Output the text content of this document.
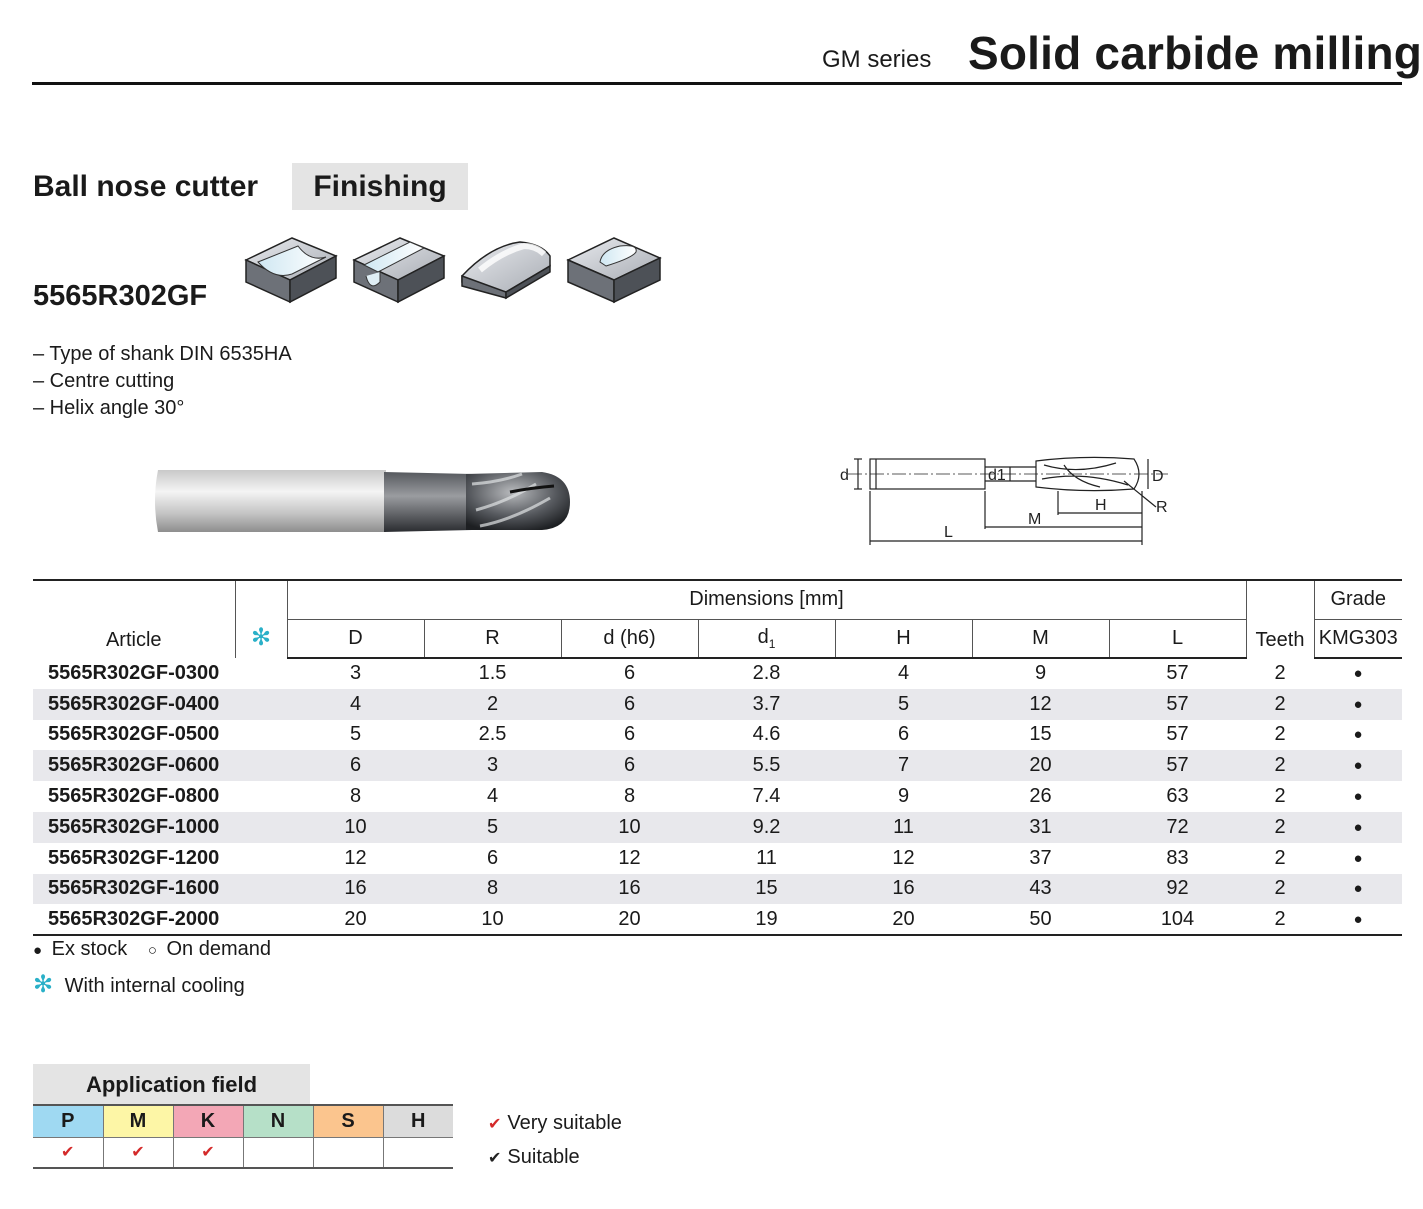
GM series Solid carbide milling
Ball nose cutter	Finishing
5565R302GF
– Type of shank DIN 6535HA
– Centre cutting
– Helix angle 30°
d	d1	D
H
M
R
L
Article	✻	Dimensions [mm]							Teeth	Grade
		D	R	d (h6)	$d_1$	H	M	L		KMG303
5565R302GF-0300		3	1.5	6	2.8	4	9	57	2	●
5565R302GF-0400		4	2	6	3.7	5	12	57	2	●
5565R302GF-0500		5	2.5	6	4.6	6	15	57	2	●
5565R302GF-0600		6	3	6	5.5	7	20	57	2	●
5565R302GF-0800		8	4	8	7.4	9	26	63	2	●
5565R302GF-1000		10	5	10	9.2	11	31	72	2	●
5565R302GF-1200		12	6	12	11	12	37	83	2	●
5565R302GF-1600		16	8	16	15	16	43	92	2	●
5565R302GF-2000		20	10	20	19	20	50	104	2	●
● Ex stock ○ On demand
✻ With internal cooling
Application field
P	M	K	N	S	H
✔	✔	✔			
✔ Very suitable
✔ Suitable
